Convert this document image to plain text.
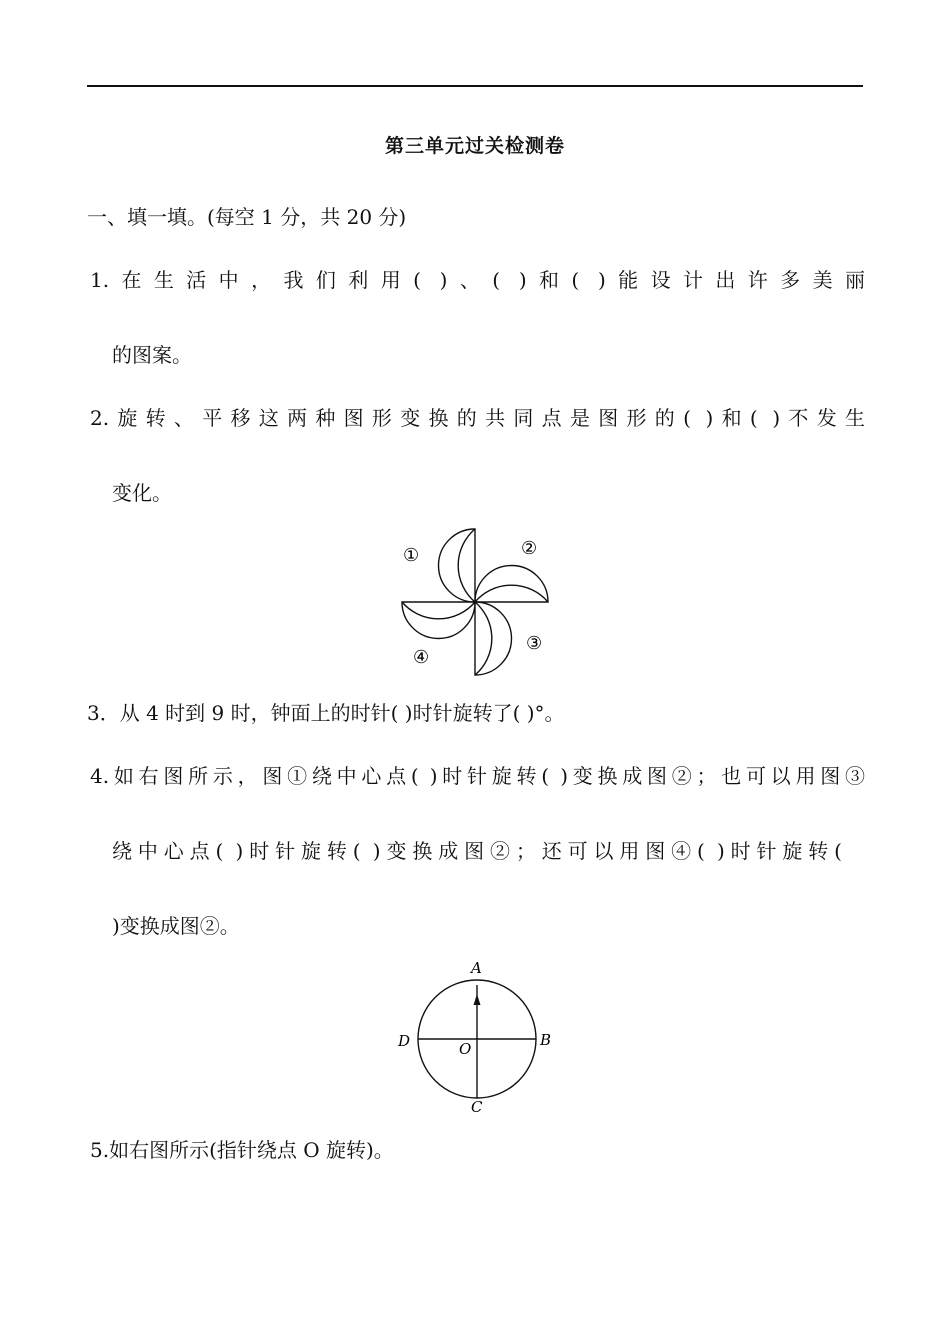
第三单元过关检测卷
一、填一填。(每空 1 分，共 20 分)
1.在生活中，我们利用( )、( )和( )能设计出许多美丽
的图案。
2.旋转、平移这两种图形变换的共同点是图形的( )和( )不发生
变化。
①	②
③
④
3．从 4 时到 9 时，钟面上的时针( )时针旋转了( )°。
4.如右图所示，图①绕中心点( )时针旋转( )变换成图②；也可以用图③
绕中心点( )时针旋转( )变换成图②；还可以用图④( )时针旋转(
)变换成图②。
A
B
C
D	O
5.如右图所示(指针绕点 O 旋转)。
